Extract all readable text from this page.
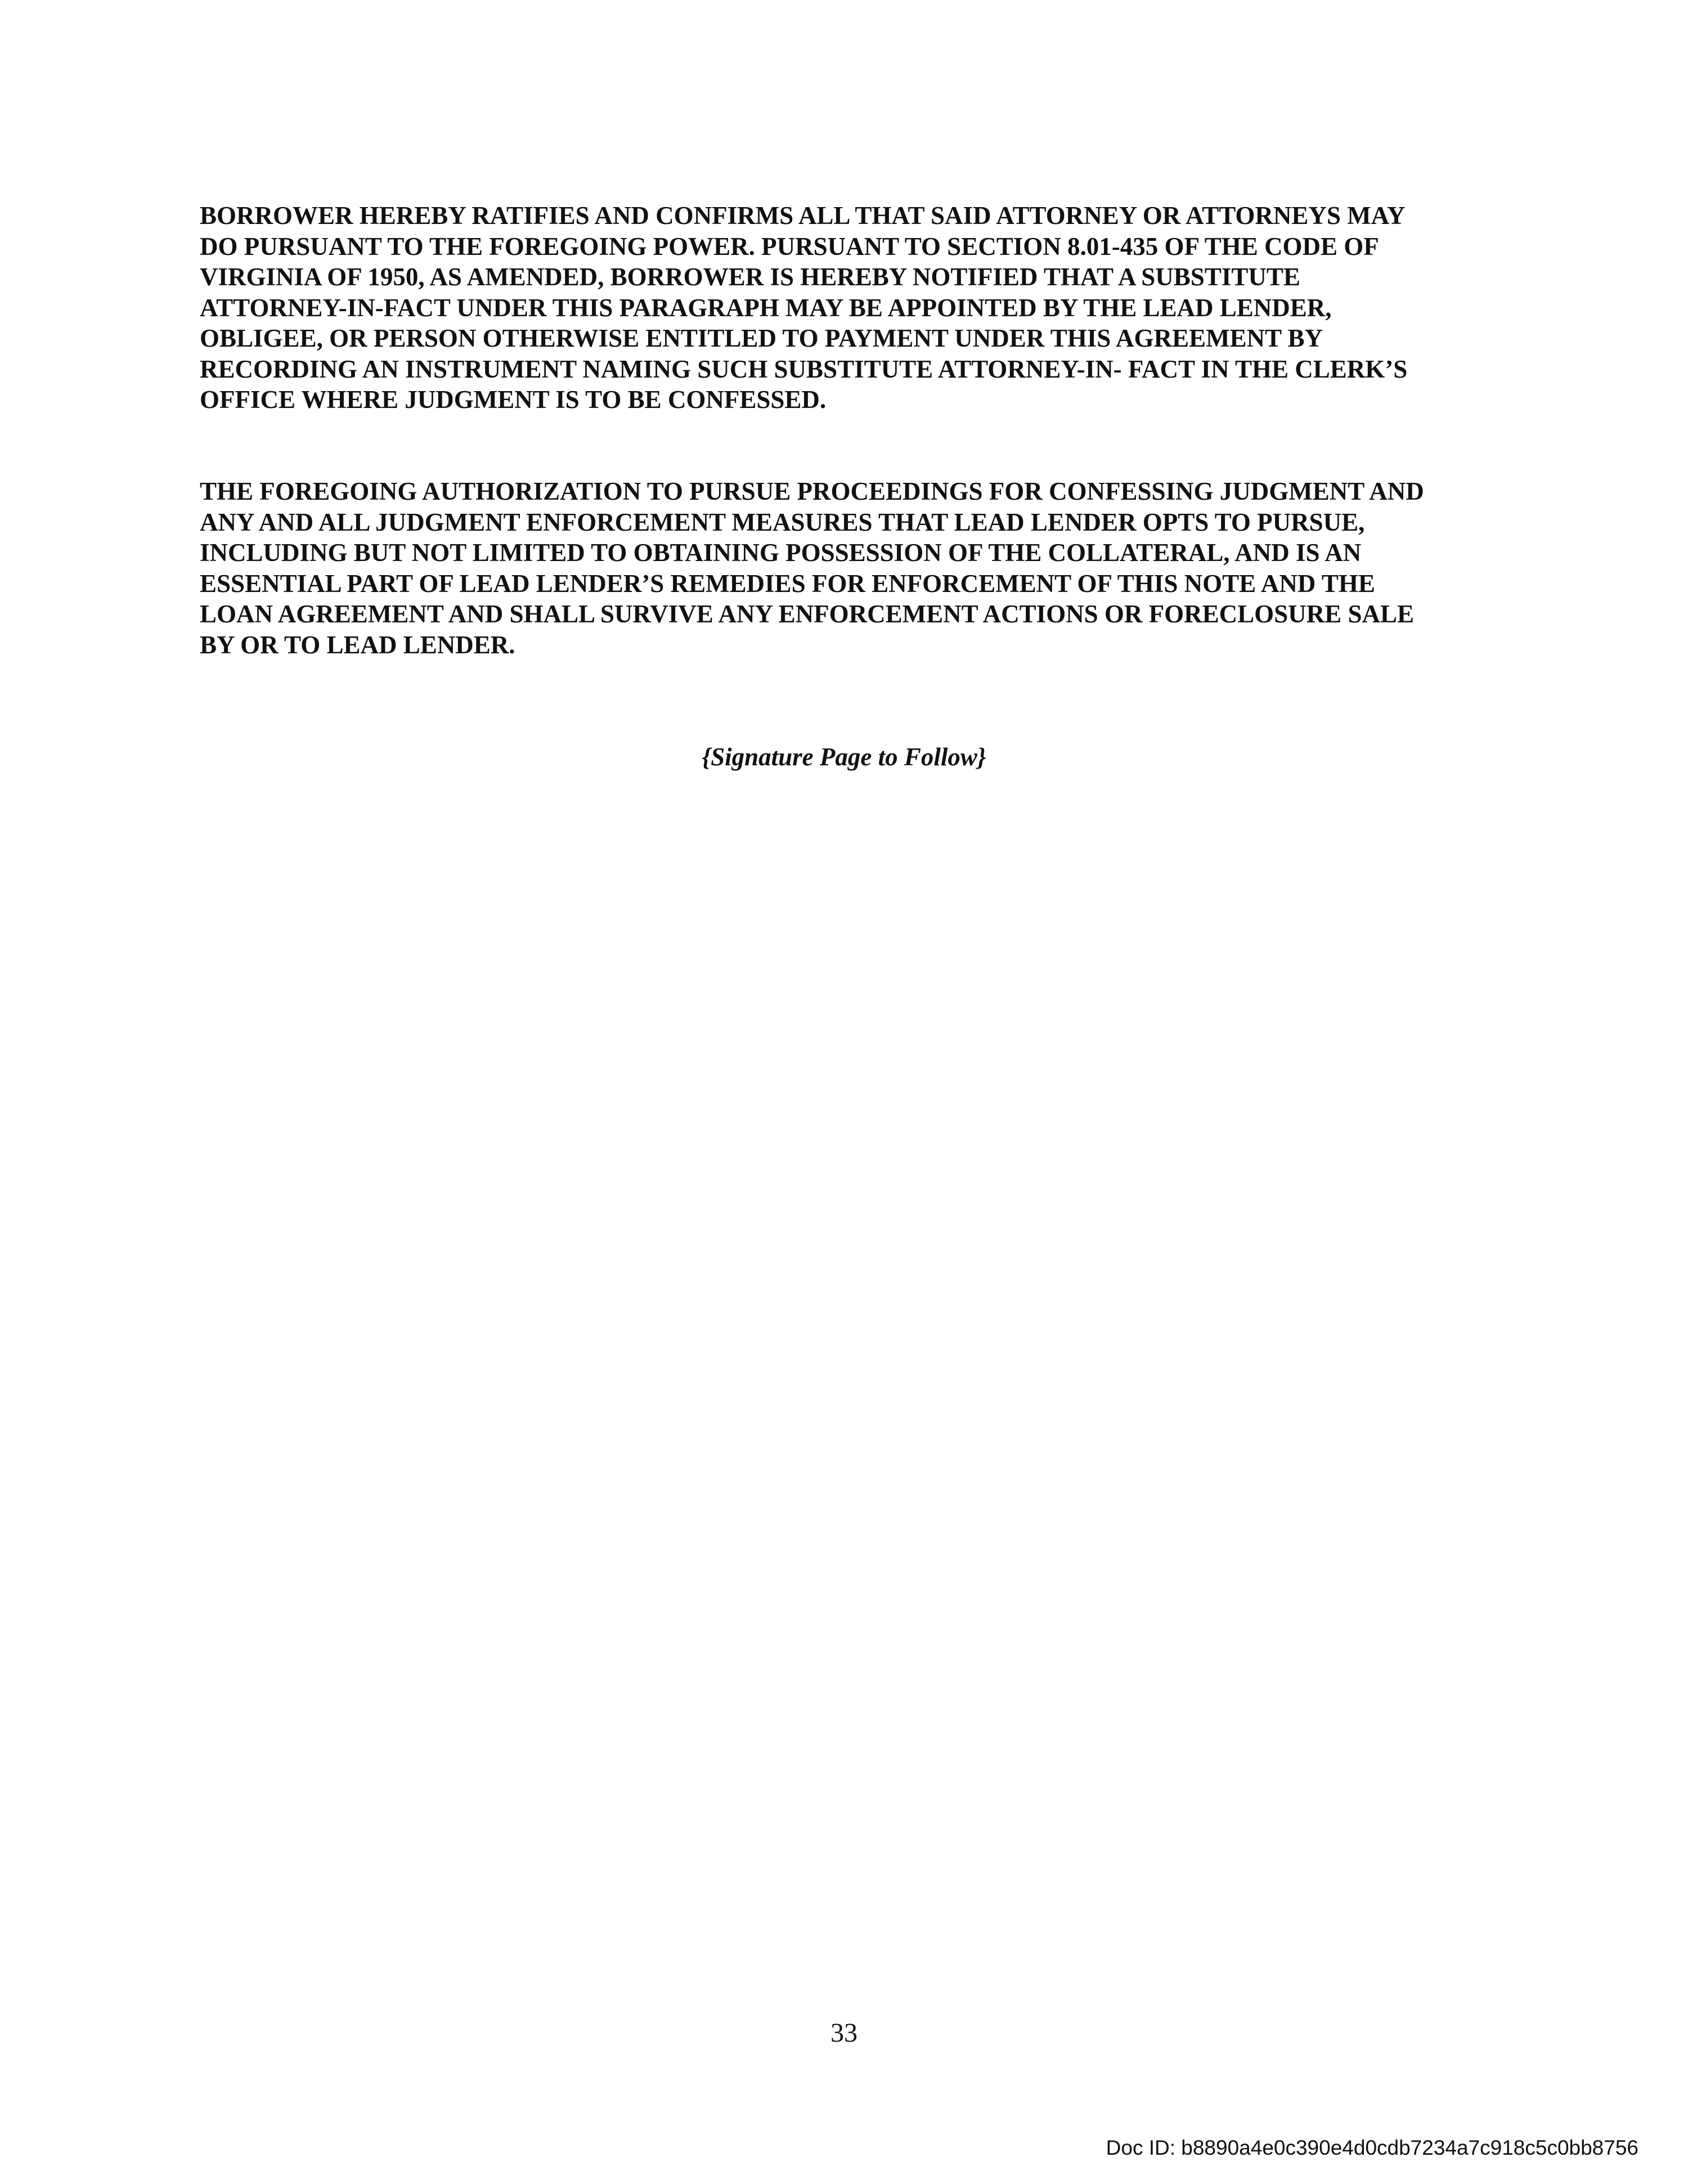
BORROWER HEREBY RATIFIES AND CONFIRMS ALL THAT SAID ATTORNEY OR ATTORNEYS MAY
DO PURSUANT TO THE FOREGOING POWER. PURSUANT TO SECTION 8.01-435 OF THE CODE OF
VIRGINIA OF 1950, AS AMENDED, BORROWER IS HEREBY NOTIFIED THAT A SUBSTITUTE
ATTORNEY-IN-FACT UNDER THIS PARAGRAPH MAY BE APPOINTED BY THE LEAD LENDER,
OBLIGEE, OR PERSON OTHERWISE ENTITLED TO PAYMENT UNDER THIS AGREEMENT BY
RECORDING AN INSTRUMENT NAMING SUCH SUBSTITUTE ATTORNEY-IN- FACT IN THE CLERK’S
OFFICE WHERE JUDGMENT IS TO BE CONFESSED.

THE FOREGOING AUTHORIZATION TO PURSUE PROCEEDINGS FOR CONFESSING JUDGMENT AND
ANY AND ALL JUDGMENT ENFORCEMENT MEASURES THAT LEAD LENDER OPTS TO PURSUE,
INCLUDING BUT NOT LIMITED TO OBTAINING POSSESSION OF THE COLLATERAL, AND IS AN
ESSENTIAL PART OF LEAD LENDER’S REMEDIES FOR ENFORCEMENT OF THIS NOTE AND THE
LOAN AGREEMENT AND SHALL SURVIVE ANY ENFORCEMENT ACTIONS OR FORECLOSURE SALE
BY OR TO LEAD LENDER.

{Signature Page to Follow}
33
Doc ID: b8890a4e0c390e4d0cdb7234a7c918c5c0bb8756
